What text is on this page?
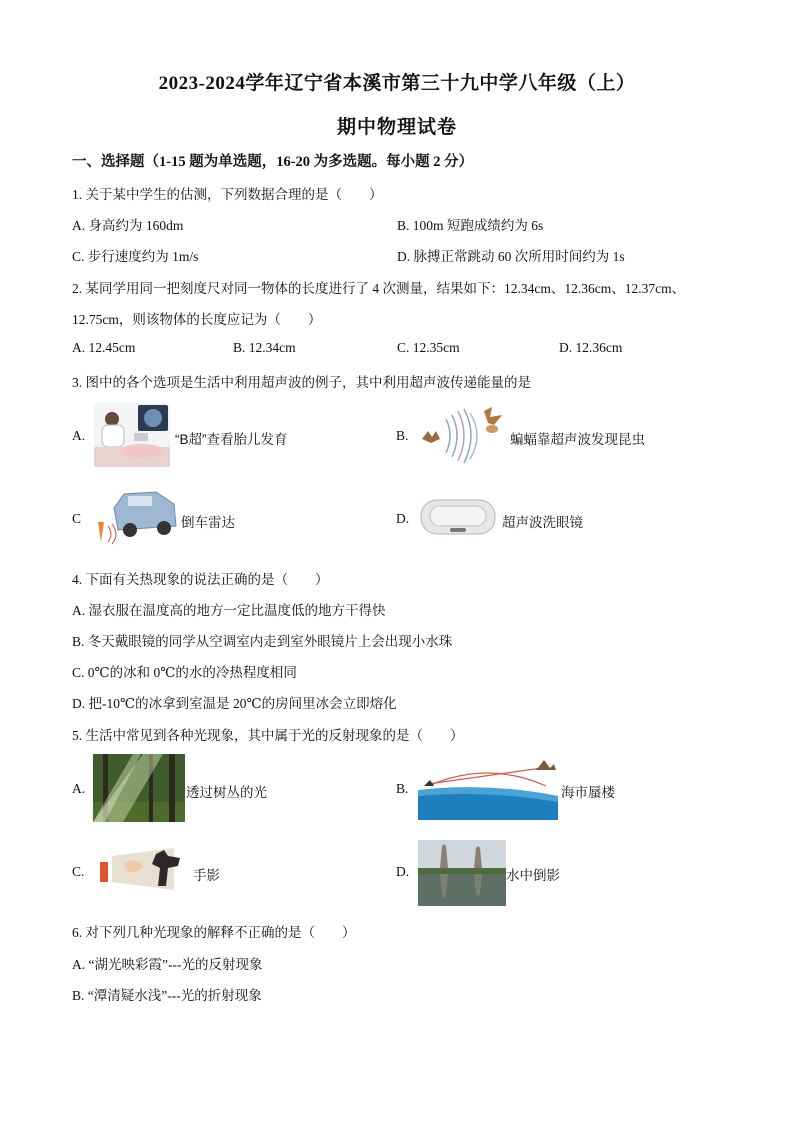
2023-2024学年辽宁省本溪市第三十九中学八年级（上）
期中物理试卷
一、选择题（1-15 题为单选题，16-20 为多选题。每小题 2 分）
1. 关于某中学生的估测，下列数据合理的是（　　）
A. 身高约为 160dm	B. 100m 短跑成绩约为 6s
C. 步行速度约为 1m/s	D. 脉搏正常跳动 60 次所用时间约为 1s
2. 某同学用同一把刻度尺对同一物体的长度进行了 4 次测量，结果如下：12.34cm、12.36cm、12.37cm、
12.75cm，则该物体的长度应记为（　　）
A. 12.45cm	B. 12.34cm	C. 12.35cm	D. 12.36cm
3. 图中的各个选项是生活中利用超声波的例子，其中利用超声波传递能量的是
A.	“B超”查看胎儿发育	B.	蝙蝠靠超声波发现昆虫
C	倒车雷达	D.	超声波洗眼镜
4. 下面有关热现象的说法正确的是（　　）
A. 湿衣服在温度高的地方一定比温度低的地方干得快
B. 冬天戴眼镜的同学从空调室内走到室外眼镜片上会出现小水珠
C. 0℃的冰和 0℃的水的冷热程度相同
D. 把-10℃的冰拿到室温是 20℃的房间里冰会立即熔化
5. 生活中常见到各种光现象，其中属于光的反射现象的是（　　）
A.	透过树丛的光	B.	海市蜃楼
C.	手影	D.	水中倒影
6. 对下列几种光现象的解释不正确的是（　　）
A. “湖光映彩霞”---光的反射现象
B. “潭清疑水浅”---光的折射现象
